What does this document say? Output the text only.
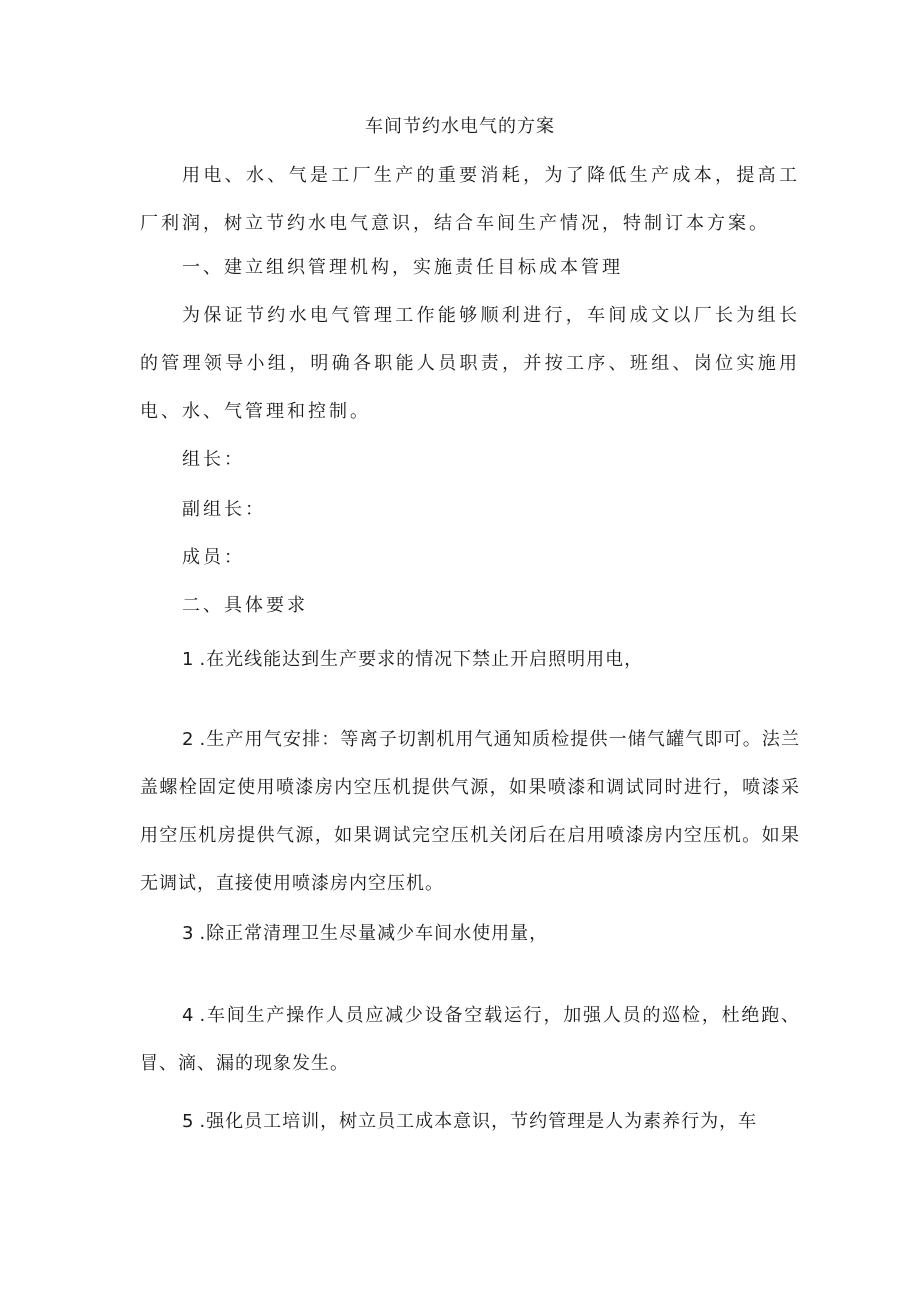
车间节约水电气的方案

用电、水、气是工厂生产的重要消耗，为了降低生产成本，提高工厂利润，树立节约水电气意识，结合车间生产情况，特制订本方案。

一、建立组织管理机构，实施责任目标成本管理

为保证节约水电气管理工作能够顺利进行，车间成文以厂长为组长的管理领导小组，明确各职能人员职责，并按工序、班组、岗位实施用电、水、气管理和控制。

组长：

副组长：

成员：

二、具体要求

1.在光线能达到生产要求的情况下禁止开启照明用电，

2.生产用气安排：等离子切割机用气通知质检提供一储气罐气即可。法兰盖螺栓固定使用喷漆房内空压机提供气源，如果喷漆和调试同时进行，喷漆采用空压机房提供气源，如果调试完空压机关闭后在启用喷漆房内空压机。如果无调试，直接使用喷漆房内空压机。

3.除正常清理卫生尽量减少车间水使用量，

4.车间生产操作人员应减少设备空载运行，加强人员的巡检，杜绝跑、冒、滴、漏的现象发生。

5.强化员工培训，树立员工成本意识，节约管理是人为素养行为，车
